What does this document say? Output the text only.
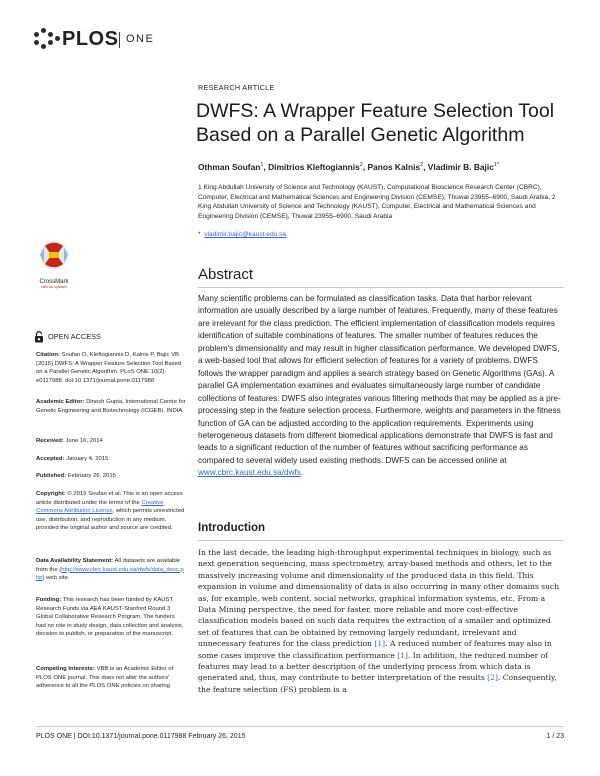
PLOS ONE
RESEARCH ARTICLE
DWFS: A Wrapper Feature Selection Tool
Based on a Parallel Genetic Algorithm
Othman Soufan$^1$, Dimitrios Kleftogiannis$^2$, Panos Kalnis$^2$, Vladimir B. Bajic$^{1*}$
1 King Abdullah University of Science and Technology (KAUST), Computational Bioscience Research Center (CBRC), Computer, Electrical and Mathematical Sciences and Engineering Division (CEMSE), Thuwal 23955–6900, Saudi Arabia, 2 King Abdullah University of Science and Technology (KAUST), Computer, Electrical and Mathematical Sciences and Engineering Division (CEMSE), Thuwal 23955–6900, Saudi Arabia
* vladimir.bajic@kaust.edu.sa
CrossMark
click for updates
OPEN ACCESS
Citation: Soufan O, Kleftogiannis D, Kalnis P, Bajic VB (2015) DWFS: A Wrapper Feature Selection Tool Based on a Parallel Genetic Algorithm. PLoS ONE 10(2): e0117988. doi:10.1371/journal.pone.0117988
Academic Editor: Dinesh Gupta, International Centre for Genetic Engineering and Biotechnology (ICGEB), INDIA
Received: June 16, 2014
Accepted: January 4, 2015
Published: February 26, 2015
Copyright: © 2015 Soufan et al. This is an open access article distributed under the terms of the Creative Commons Attribution License, which permits unrestricted use, distribution, and reproduction in any medium, provided the original author and source are credited.
Data Availability Statement: All datasets are available from the (http://www.cbrc.kaust.edu.sa/dwfs/data_desc.php) web site.
Funding: This research has been funded by KAUST Research Funds via AEA KAUST-Stanford Round 3 Global Collaborative Research Program. The funders had no role in study design, data collection and analysis, decision to publish, or preparation of the manuscript.
Competing Interests: VBB is an Academic Editor of PLOS ONE journal. This does not alter the authors' adherence to all the PLOS ONE policies on sharing
Abstract
Many scientific problems can be formulated as classification tasks. Data that harbor relevant information are usually described by a large number of features. Frequently, many of these features are irrelevant for the class prediction. The efficient implementation of classification models requires identification of suitable combinations of features. The smaller number of features reduces the problem's dimensionality and may result in higher classification performance. We developed DWFS, a web-based tool that allows for efficient selection of features for a variety of problems. DWFS follows the wrapper paradigm and applies a search strategy based on Genetic Algorithms (GAs). A parallel GA implementation examines and evaluates simultaneously large number of candidate collections of features. DWFS also integrates various filtering methods that may be applied as a pre-processing step in the feature selection process. Furthermore, weights and parameters in the fitness function of GA can be adjusted according to the application requirements. Experiments using heterogeneous datasets from different biomedical applications demonstrate that DWFS is fast and leads to a significant reduction of the number of features without sacrificing performance as compared to several widely used existing methods. DWFS can be accessed online at www.cbrc.kaust.edu.sa/dwfs.
Introduction
In the last decade, the leading high-throughput experimental techniques in biology, such as next generation sequencing, mass spectrometry, array-based methods and others, let to the massively increasing volume and dimensionality of the produced data in this field. This expansion in volume and dimensionality of data is also occurring in many other domains such as, for example, web content, social networks, graphical information systems, etc. From a Data Mining perspective, the need for faster, more reliable and more cost-effective classification models based on such data requires the extraction of a smaller and optimized set of features that can be obtained by removing largely redundant, irrelevant and unnecessary features for the class prediction [1]. A reduced number of features may also in some cases improve the classification performance [1]. In addition, the reduced number of features may lead to a better description of the underlying process from which data is generated and, thus, may contribute to better interpretation of the results [2]. Consequently, the feature selection (FS) problem is a
PLOS ONE | DOI:10.1371/journal.pone.0117988 February 26, 2015	1 / 23
